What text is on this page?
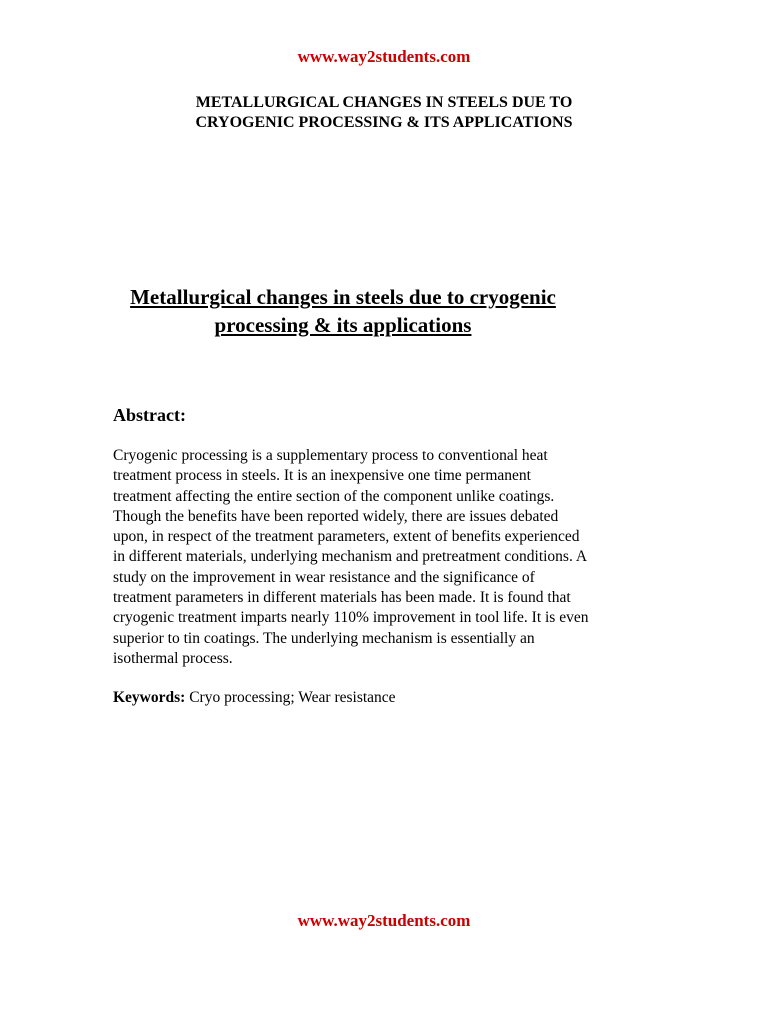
www.way2students.com

METALLURGICAL CHANGES IN STEELS DUE TO
CRYOGENIC PROCESSING & ITS APPLICATIONS
Metallurgical changes in steels due to cryogenic
processing & its applications
Abstract:
Cryogenic processing is a supplementary process to conventional heat
treatment process in steels. It is an inexpensive one time permanent
treatment affecting the entire section of the component unlike coatings.
Though the benefits have been reported widely, there are issues debated
upon, in respect of the treatment parameters, extent of benefits experienced
in different materials, underlying mechanism and pretreatment conditions. A
study on the improvement in wear resistance and the significance of
treatment parameters in different materials has been made. It is found that
cryogenic treatment imparts nearly 110% improvement in tool life. It is even
superior to tin coatings. The underlying mechanism is essentially an
isothermal process.

Keywords: Cryo processing; Wear resistance

www.way2students.com
